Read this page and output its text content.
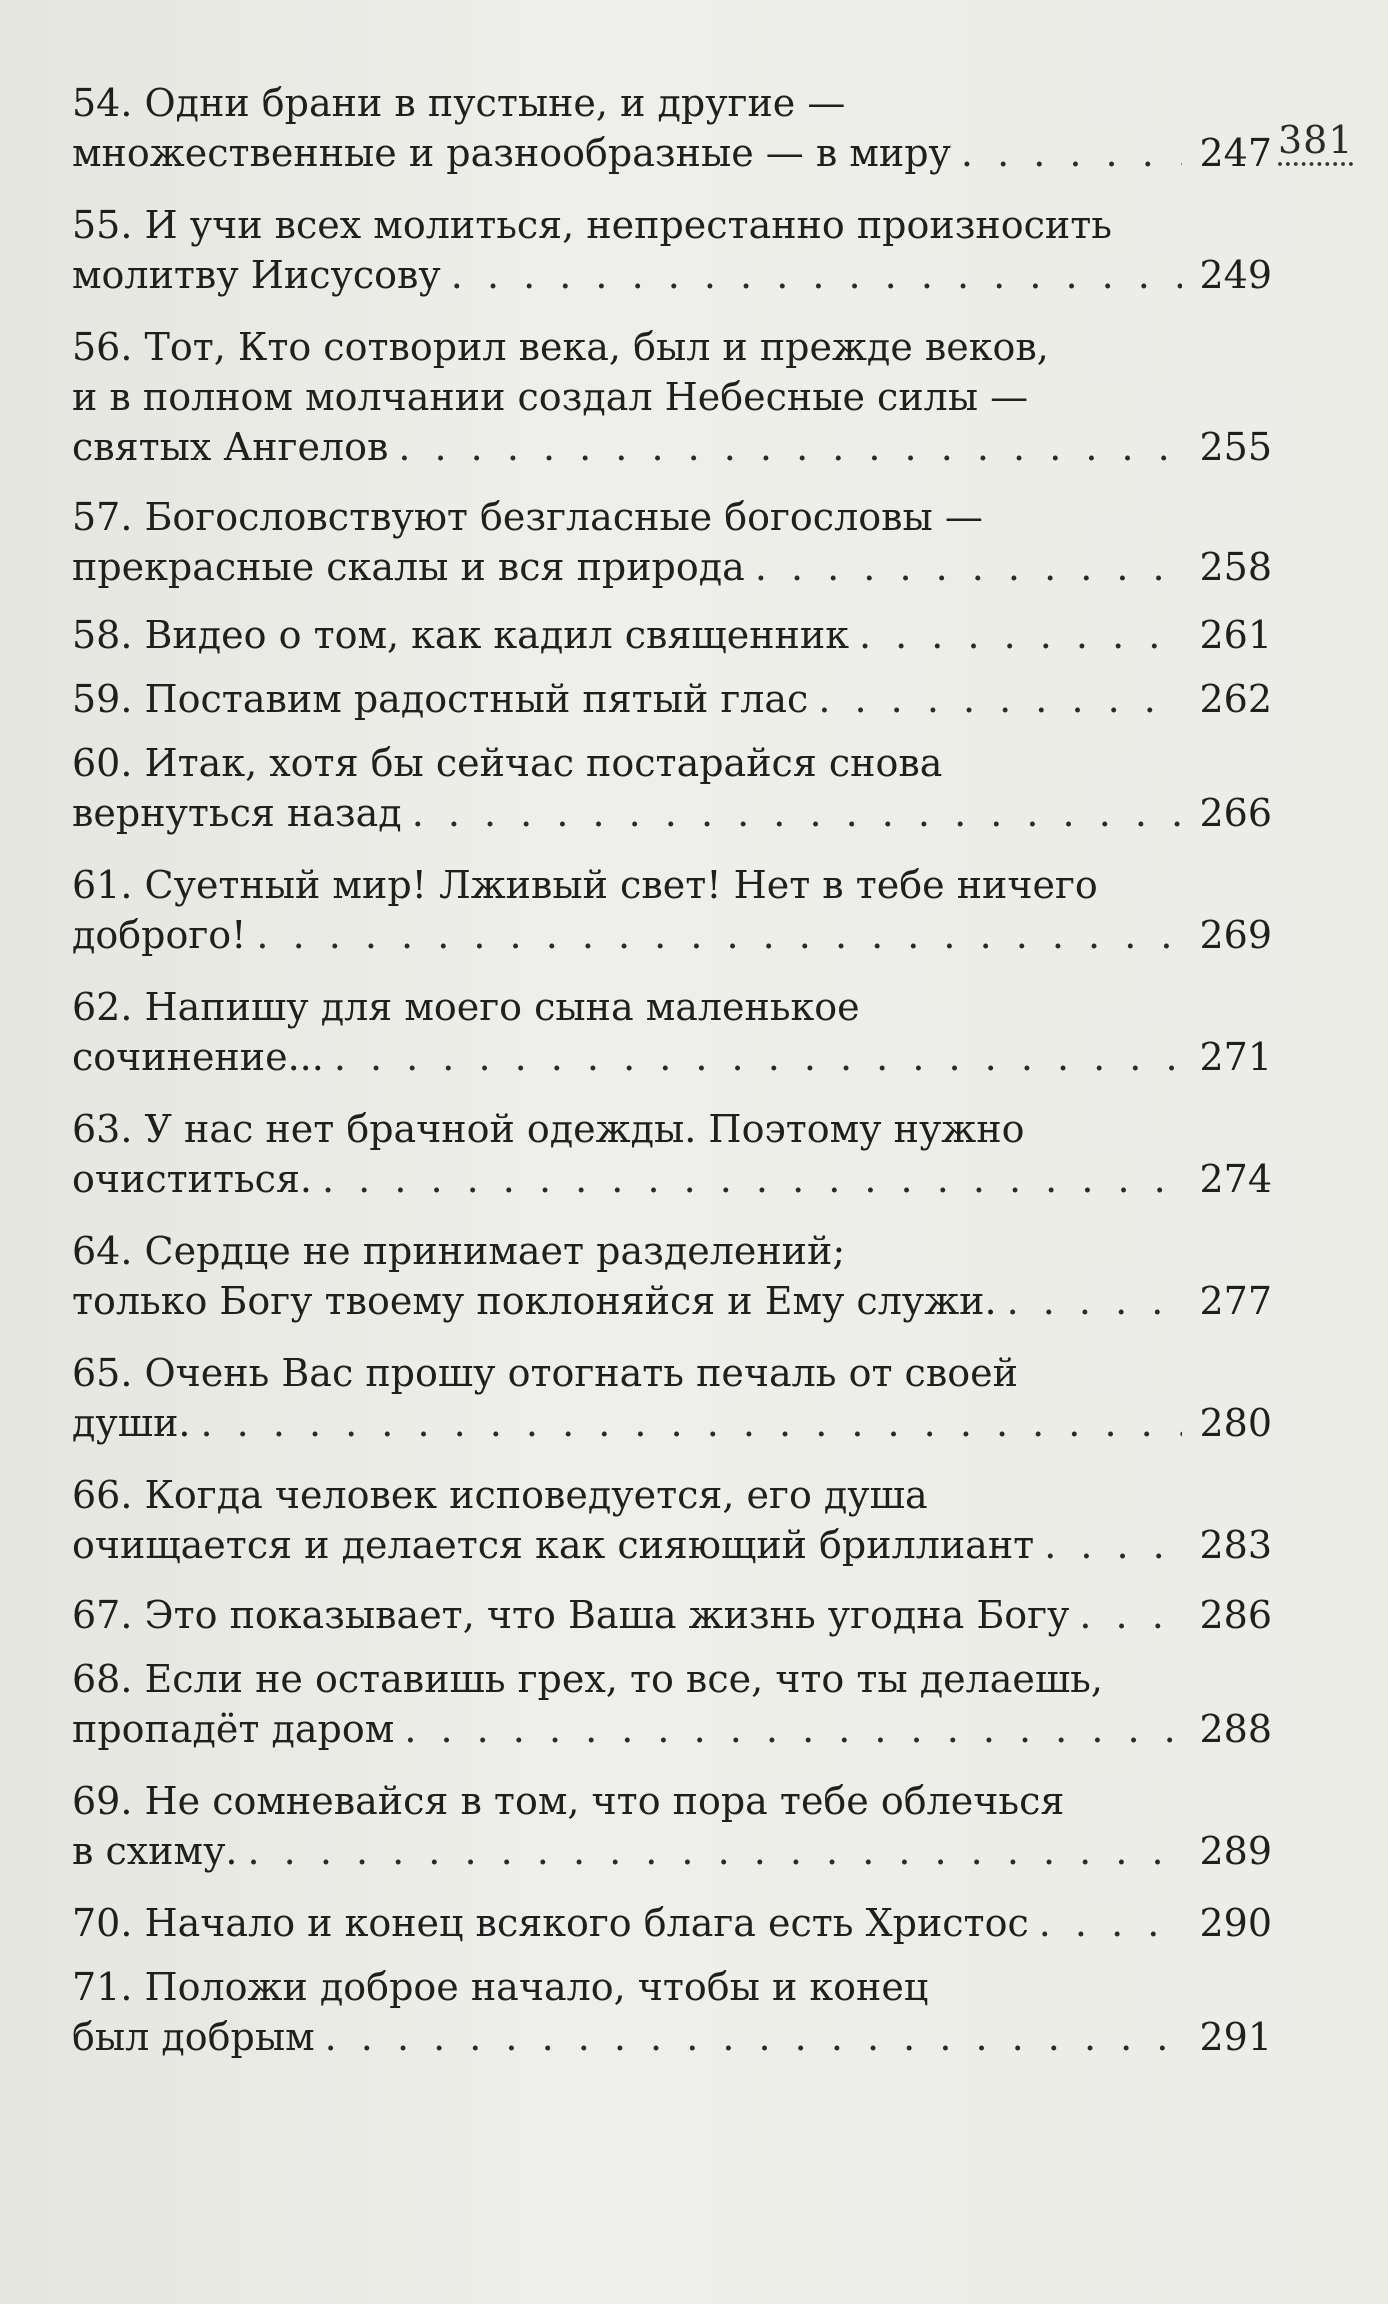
381
54. Одни брани в пустыне, и другие —
множественные и разнообразные — в миру . . .	247
55. И учи всех молиться, непрестанно произносить
молитву Иисусову . . .	249
56. Тот, Кто сотворил века, был и прежде веков,
и в полном молчании создал Небесные силы —
святых Ангелов . . .	255
57. Богословствуют безгласные богословы —
прекрасные скалы и вся природа . . .	258
58. Видео о том, как кадил священник . . .	261
59. Поставим радостный пятый глас . . .	262
60. Итак, хотя бы сейчас постарайся снова
вернуться назад . . .	266
61. Суетный мир! Лживый свет! Нет в тебе ничего
доброго! . . .	269
62. Напишу для моего сына маленькое
сочинение... . . .	271
63. У нас нет брачной одежды. Поэтому нужно
очиститься. . . .	274
64. Сердце не принимает разделений;
только Богу твоему поклоняйся и Ему служи. . . .	277
65. Очень Вас прошу отогнать печаль от своей
души. . . .	280
66. Когда человек исповедуется, его душа
очищается и делается как сияющий бриллиант . . .	283
67. Это показывает, что Ваша жизнь угодна Богу . . .	286
68. Если не оставишь грех, то все, что ты делаешь,
пропадёт даром . . .	288
69. Не сомневайся в том, что пора тебе облечься
в схиму. . . .	289
70. Начало и конец всякого блага есть Христос . . .	290
71. Положи доброе начало, чтобы и конец
был добрым . . .	291
